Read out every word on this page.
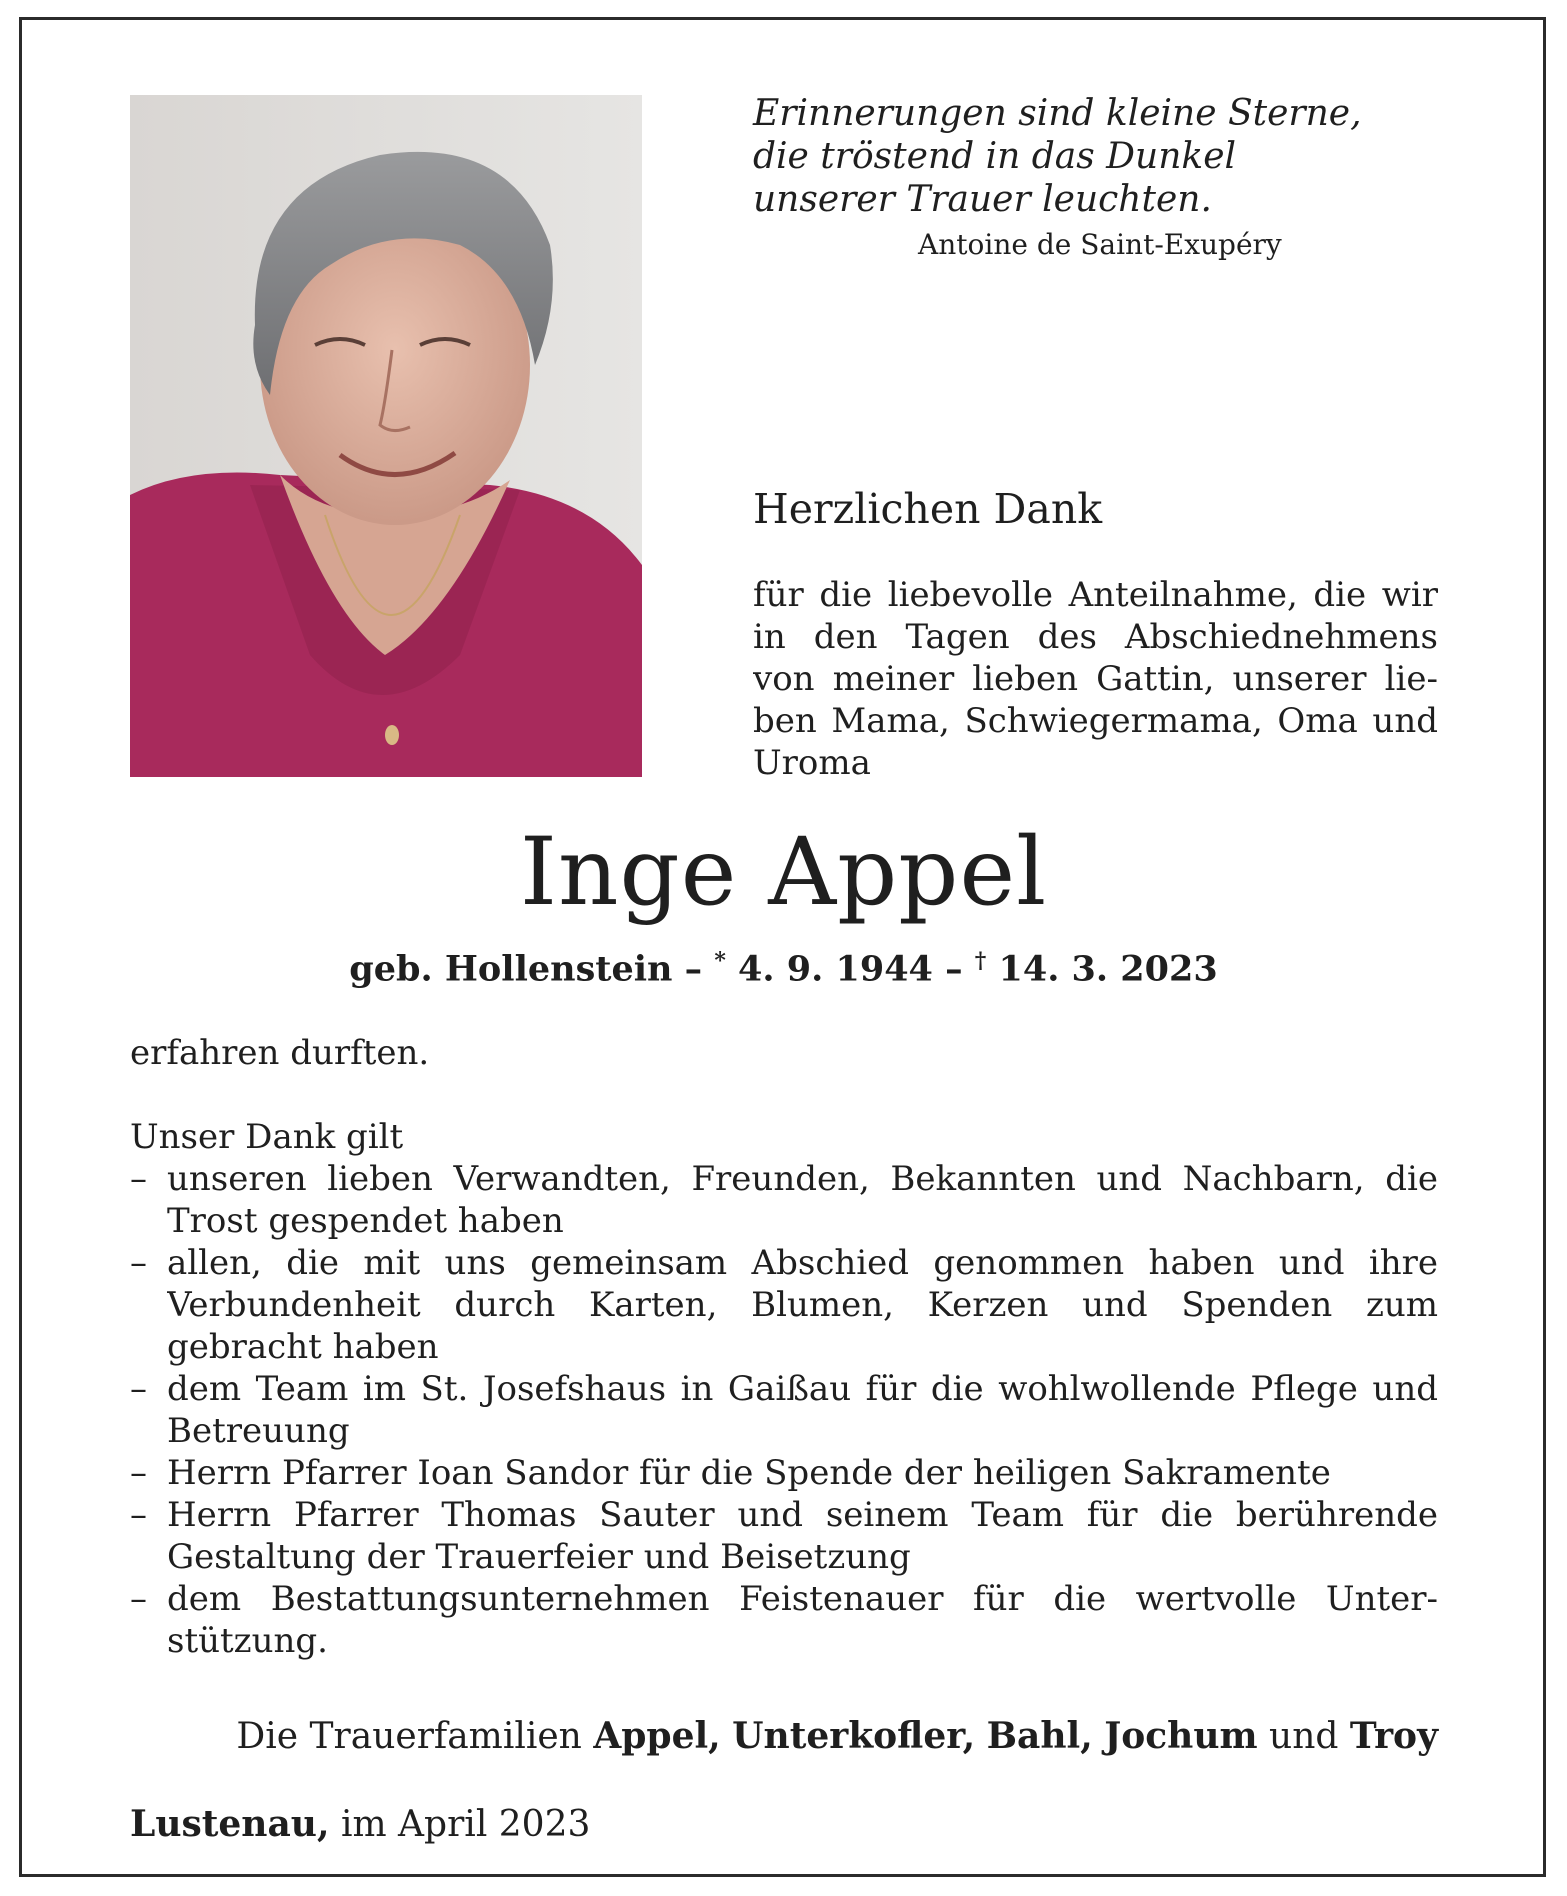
Erinnerungen sind kleine Sterne,
die tröstend in das Dunkel
unserer Trauer leuchten.
Antoine de Saint-Exupéry
Herzlichen Dank
für die liebevolle Anteilnahme, die wir
in den Tagen des Abschiednehmens
von meiner lieben Gattin, unserer lie-
ben Mama, Schwiegermama, Oma und
Uroma
Inge Appel
geb. Hollenstein – * 4. 9. 1944 – † 14. 3. 2023
erfahren durften.
Unser Dank gilt
– unseren lieben Verwandten, Freunden, Bekannten und Nachbarn, die
Trost gespendet haben
– allen, die mit uns gemeinsam Abschied genommen haben und ihre
Verbundenheit durch Karten, Blumen, Kerzen und Spenden zum
gebracht haben
– dem Team im St. Josefshaus in Gaißau für die wohlwollende Pflege und
Betreuung
– Herrn Pfarrer Ioan Sandor für die Spende der heiligen Sakramente
– Herrn Pfarrer Thomas Sauter und seinem Team für die berührende
Gestaltung der Trauerfeier und Beisetzung
– dem Bestattungsunternehmen Feistenauer für die wertvolle Unter-
stützung.
Die Trauerfamilien Appel, Unterkofler, Bahl, Jochum und Troy
Lustenau, im April 2023
